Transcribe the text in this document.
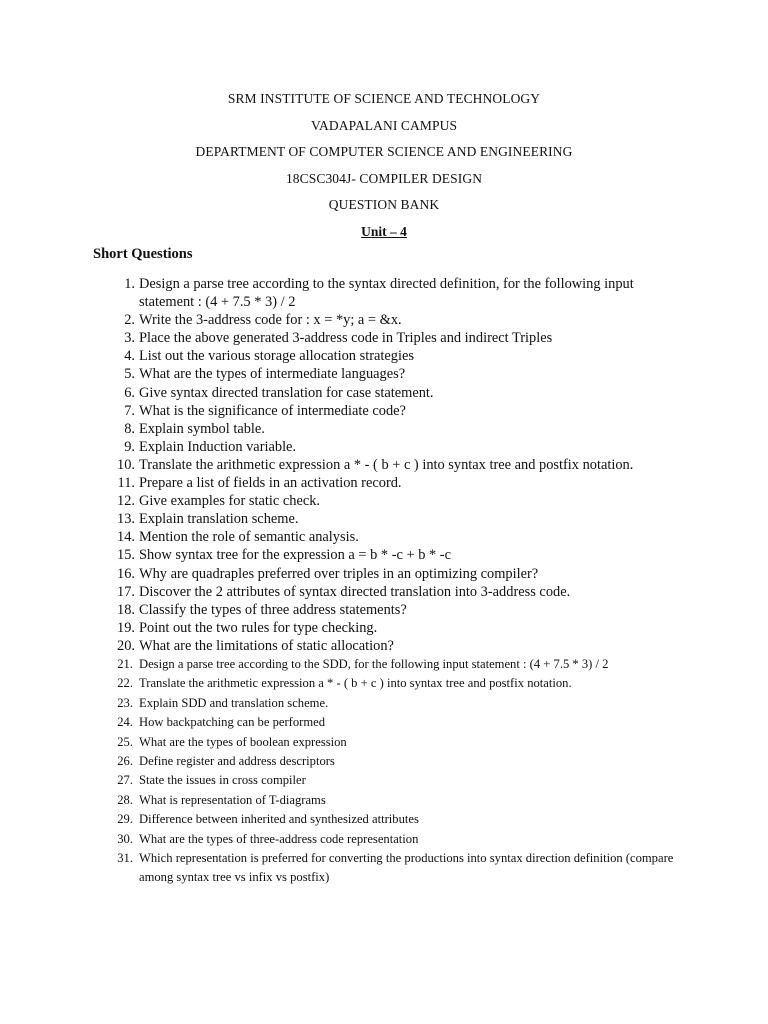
SRM INSTITUTE OF SCIENCE AND TECHNOLOGY
VADAPALANI CAMPUS
DEPARTMENT OF COMPUTER SCIENCE AND ENGINEERING
18CSC304J- COMPILER DESIGN
QUESTION BANK
Unit – 4
Short Questions
1. Design a parse tree according to the syntax directed definition, for the following input statement : (4 + 7.5 * 3) / 2
2. Write the 3-address code for : x = *y; a = &x.
3. Place the above generated 3-address code in Triples and indirect Triples
4. List out the various storage allocation strategies
5. What are the types of intermediate languages?
6. Give syntax directed translation for case statement.
7. What is the significance of intermediate code?
8. Explain symbol table.
9. Explain Induction variable.
10. Translate the arithmetic expression a * - ( b + c ) into syntax tree and postfix notation.
11. Prepare a list of fields in an activation record.
12. Give examples for static check.
13. Explain translation scheme.
14. Mention the role of semantic analysis.
15. Show syntax tree for the expression a = b * -c + b * -c
16. Why are quadraples preferred over triples in an optimizing compiler?
17. Discover the 2 attributes of syntax directed translation into 3-address code.
18. Classify the types of three address statements?
19. Point out the two rules for type checking.
20. What are the limitations of static allocation?
21. Design a parse tree according to the SDD, for the following input statement : (4 + 7.5 * 3) / 2
22. Translate the arithmetic expression a * - ( b + c ) into syntax tree and postfix notation.
23. Explain SDD and translation scheme.
24. How backpatching can be performed
25. What are the types of boolean expression
26. Define register and address descriptors
27. State the issues in cross compiler
28. What is representation of T-diagrams
29. Difference between inherited and synthesized attributes
30. What are the types of three-address code representation
31. Which representation is preferred for converting the productions into syntax direction definition (compare among syntax tree vs infix vs postfix)
